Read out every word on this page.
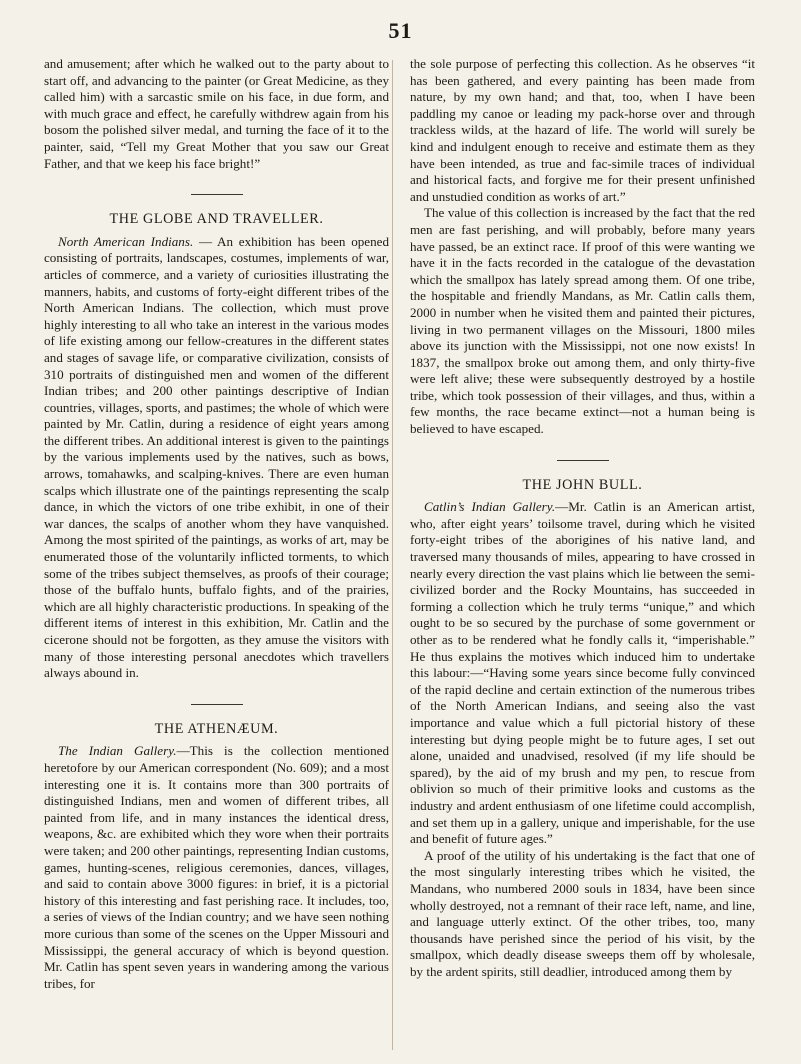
51

and amusement; after which he walked out to the party about to start off, and advancing to the painter (or Great Medicine, as they called him) with a sarcastic smile on his face, in due form, and with much grace and effect, he carefully withdrew again from his bosom the polished silver medal, and turning the face of it to the painter, said, “Tell my Great Mother that you saw our Great Father, and that we keep his face bright!”

THE GLOBE AND TRAVELLER.

North American Indians. — An exhibition has been opened consisting of portraits, landscapes, costumes, implements of war, articles of commerce, and a variety of curiosities illustrating the manners, habits, and customs of forty-eight different tribes of the North American Indians. The collection, which must prove highly interesting to all who take an interest in the various modes of life existing among our fellow-creatures in the different states and stages of savage life, or comparative civilization, consists of 310 portraits of distinguished men and women of the different Indian tribes; and 200 other paintings descriptive of Indian countries, villages, sports, and pastimes; the whole of which were painted by Mr. Catlin, during a residence of eight years among the different tribes. An additional interest is given to the paintings by the various implements used by the natives, such as bows, arrows, tomahawks, and scalping-knives. There are even human scalps which illustrate one of the paintings representing the scalp dance, in which the victors of one tribe exhibit, in one of their war dances, the scalps of another whom they have vanquished. Among the most spirited of the paintings, as works of art, may be enumerated those of the voluntarily inflicted torments, to which some of the tribes subject themselves, as proofs of their courage; those of the buffalo hunts, buffalo fights, and of the prairies, which are all highly characteristic productions. In speaking of the different items of interest in this exhibition, Mr. Catlin and the cicerone should not be forgotten, as they amuse the visitors with many of those interesting personal anecdotes which travellers always abound in.

THE ATHENÆUM.

The Indian Gallery.—This is the collection mentioned heretofore by our American correspondent (No. 609); and a most interesting one it is. It contains more than 300 portraits of distinguished Indians, men and women of different tribes, all painted from life, and in many instances the identical dress, weapons, &c. are exhibited which they wore when their portraits were taken; and 200 other paintings, representing Indian customs, games, hunting-scenes, religious ceremonies, dances, villages, and said to contain above 3000 figures: in brief, it is a pictorial history of this interesting and fast perishing race. It includes, too, a series of views of the Indian country; and we have seen nothing more curious than some of the scenes on the Upper Missouri and Mississippi, the general accuracy of which is beyond question. Mr. Catlin has spent seven years in wandering among the various tribes, for

the sole purpose of perfecting this collection. As he observes “it has been gathered, and every painting has been made from nature, by my own hand; and that, too, when I have been paddling my canoe or leading my pack-horse over and through trackless wilds, at the hazard of life. The world will surely be kind and indulgent enough to receive and estimate them as they have been intended, as true and fac-simile traces of individual and historical facts, and forgive me for their present unfinished and unstudied condition as works of art.”

The value of this collection is increased by the fact that the red men are fast perishing, and will probably, before many years have passed, be an extinct race. If proof of this were wanting we have it in the facts recorded in the catalogue of the devastation which the smallpox has lately spread among them. Of one tribe, the hospitable and friendly Mandans, as Mr. Catlin calls them, 2000 in number when he visited them and painted their pictures, living in two permanent villages on the Missouri, 1800 miles above its junction with the Mississippi, not one now exists! In 1837, the smallpox broke out among them, and only thirty-five were left alive; these were subsequently destroyed by a hostile tribe, which took possession of their villages, and thus, within a few months, the race became extinct—not a human being is believed to have escaped.

THE JOHN BULL.

Catlin’s Indian Gallery.—Mr. Catlin is an American artist, who, after eight years’ toilsome travel, during which he visited forty-eight tribes of the aborigines of his native land, and traversed many thousands of miles, appearing to have crossed in nearly every direction the vast plains which lie between the semi-civilized border and the Rocky Mountains, has succeeded in forming a collection which he truly terms “unique,” and which ought to be so secured by the purchase of some government or other as to be rendered what he fondly calls it, “imperishable.” He thus explains the motives which induced him to undertake this labour:—“Having some years since become fully convinced of the rapid decline and certain extinction of the numerous tribes of the North American Indians, and seeing also the vast importance and value which a full pictorial history of these interesting but dying people might be to future ages, I set out alone, unaided and unadvised, resolved (if my life should be spared), by the aid of my brush and my pen, to rescue from oblivion so much of their primitive looks and customs as the industry and ardent enthusiasm of one lifetime could accomplish, and set them up in a gallery, unique and imperishable, for the use and benefit of future ages.”

A proof of the utility of his undertaking is the fact that one of the most singularly interesting tribes which he visited, the Mandans, who numbered 2000 souls in 1834, have been since wholly destroyed, not a remnant of their race left, name, and line, and language utterly extinct. Of the other tribes, too, many thousands have perished since the period of his visit, by the smallpox, which deadly disease sweeps them off by wholesale, by the ardent spirits, still deadlier, introduced among them by
